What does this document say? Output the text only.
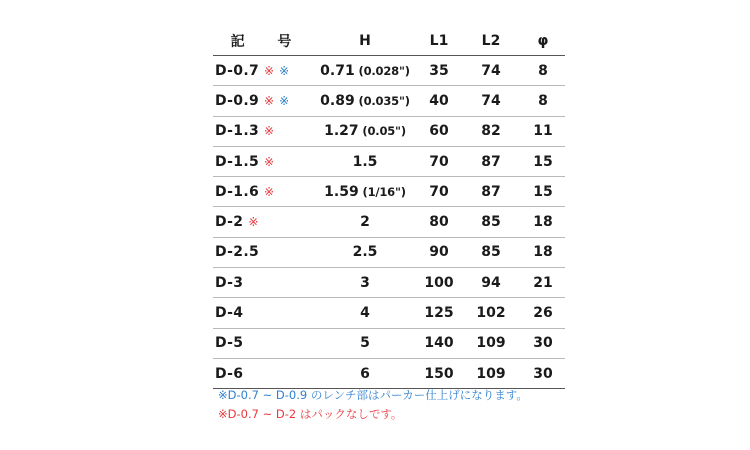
記 号	H	L1	L2	φ
D-0.7 ※ ※	0.71 (0.028")	35	74	8
D-0.9 ※ ※	0.89 (0.035")	40	74	8
D-1.3 ※	1.27 (0.05")	60	82	11
D-1.5 ※	1.5	70	87	15
D-1.6 ※	1.59 (1/16")	70	87	15
D-2 ※	2	80	85	18
D-2.5	2.5	90	85	18
D-3	3	100	94	21
D-4	4	125	102	26
D-5	5	140	109	30
D-6	6	150	109	30
※D-0.7 ~ D-0.9 のレンチ部はパーカー仕上げになります。
※D-0.7 ~ D-2 はパックなしです。
